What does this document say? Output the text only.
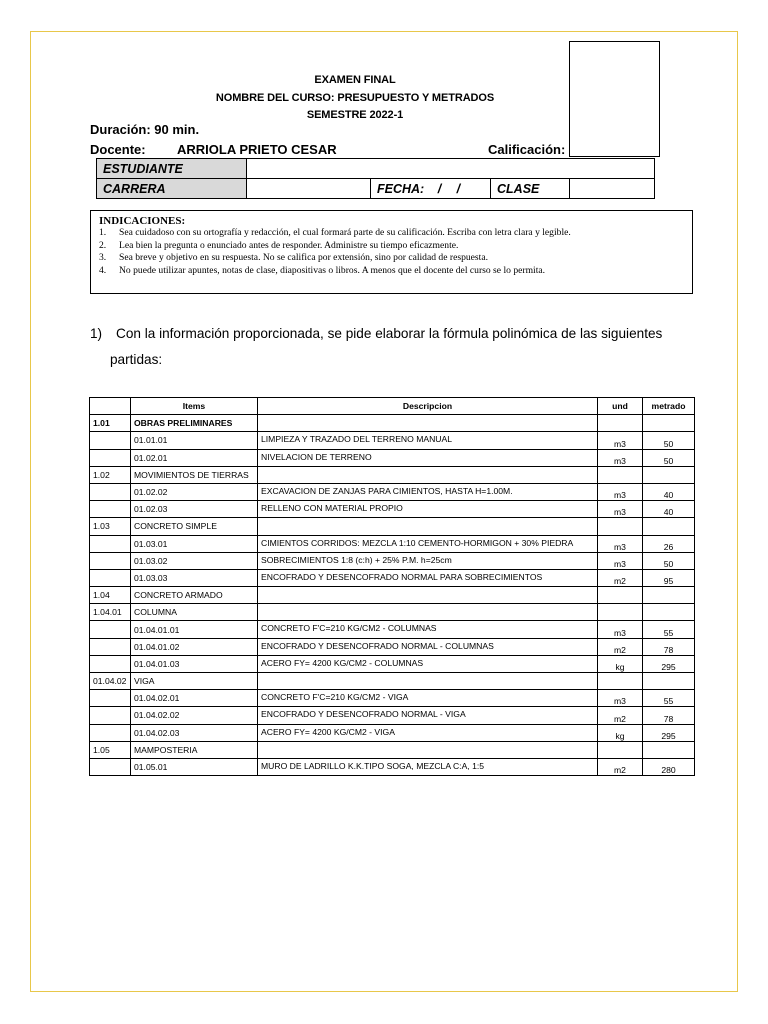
EXAMEN FINAL
NOMBRE DEL CURSO: PRESUPUESTO Y METRADOS
SEMESTRE 2022-1
Duración: 90 min.
Docente: ARRIOLA PRIETO CESAR	Calificación:
ESTUDIANTE				
CARRERA		FECHA: / /	CLASE	
INDICACIONES:
1. Sea cuidadoso con su ortografía y redacción, el cual formará parte de su calificación. Escriba con letra clara y legible.
2. Lea bien la pregunta o enunciado antes de responder. Administre su tiempo eficazmente.
3. Sea breve y objetivo en su respuesta. No se califica por extensión, sino por calidad de respuesta.
4. No puede utilizar apuntes, notas de clase, diapositivas o libros. A menos que el docente del curso se lo permita.
1) Con la información proporcionada, se pide elaborar la fórmula polinómica de las siguientes
partidas:
	Items	Descripcion	und	metrado
1.01	OBRAS PRELIMINARES			
	01.01.01	LIMPIEZA Y TRAZADO DEL TERRENO MANUAL	m3	50
	01.02.01	NIVELACION DE TERRENO	m3	50
1.02	MOVIMIENTOS DE TIERRAS			
	01.02.02	EXCAVACION DE ZANJAS PARA CIMIENTOS, HASTA H=1.00M.	m3	40
	01.02.03	RELLENO CON MATERIAL PROPIO	m3	40
1.03	CONCRETO SIMPLE			
	01.03.01	CIMIENTOS CORRIDOS: MEZCLA 1:10 CEMENTO-HORMIGON + 30% PIEDRA	m3	26
	01.03.02	SOBRECIMIENTOS 1:8 (c:h) + 25% P.M. h=25cm	m3	50
	01.03.03	ENCOFRADO Y DESENCOFRADO NORMAL PARA SOBRECIMIENTOS	m2	95
1.04	CONCRETO ARMADO			
1.04.01	COLUMNA			
	01.04.01.01	CONCRETO F'C=210 KG/CM2 - COLUMNAS	m3	55
	01.04.01.02	ENCOFRADO Y DESENCOFRADO NORMAL - COLUMNAS	m2	78
	01.04.01.03	ACERO FY= 4200 KG/CM2 - COLUMNAS	kg	295
01.04.02	VIGA			
	01.04.02.01	CONCRETO F'C=210 KG/CM2 - VIGA	m3	55
	01.04.02.02	ENCOFRADO Y DESENCOFRADO NORMAL - VIGA	m2	78
	01.04.02.03	ACERO FY= 4200 KG/CM2 - VIGA	kg	295
1.05	MAMPOSTERIA			
	01.05.01	MURO DE LADRILLO K.K.TIPO SOGA, MEZCLA C:A, 1:5	m2	280
